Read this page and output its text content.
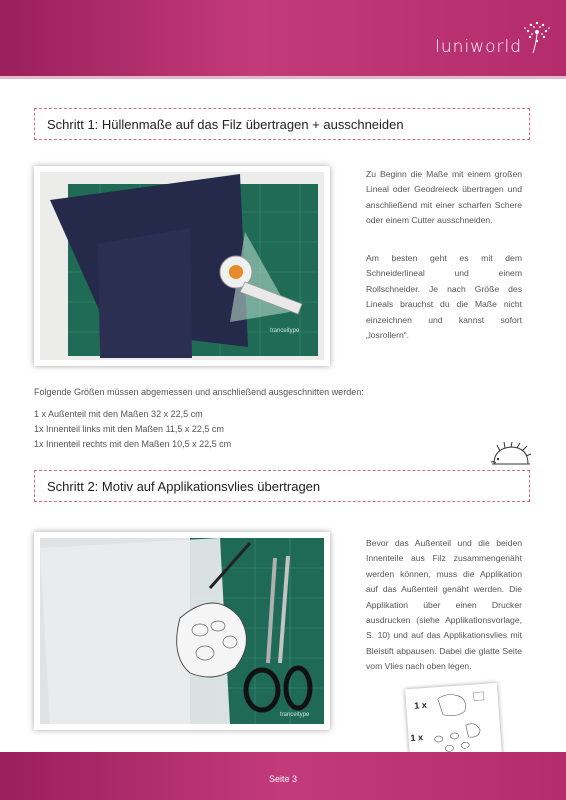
luniworld
Schritt 1: Hüllenmaße auf das Filz übertragen + ausschneiden
tranceitype

Zu Beginn die Maße mit einem großen Lineal oder Geodreieck übertragen und anschließend mit einer scharfen Schere oder einem Cutter ausschneiden.

Am besten geht es mit dem Schneiderlineal und einem Rollschneider. Je nach Größe des Lineals brauchst du die Maße nicht einzeichnen und kannst sofort „losrollern“.

Folgende Größen müssen abgemessen und anschließend ausgeschnitten werden:
1 x Außenteil mit den Maßen 32 x 22,5 cm
1x Innenteil links mit den Maßen 11,5 x 22,5 cm
1x Innenteil rechts mit den Maßen 10,5 x 22,5 cm
Schritt 2: Motiv auf Applikationsvlies übertragen
tranceitype

Bevor das Außenteil und die beiden Innenteile aus Filz zusammengenäht werden können, muss die Applikation auf das Außenteil genäht werden. Die Applikation über einen Drucker ausdrucken (siehe Applikationsvorlage, S. 10) und auf das Applikationsvlies mit Bleistift abpausen. Dabei die glatte Seite vom Vlies nach oben legen.

1 x
1 x
Seite 3
